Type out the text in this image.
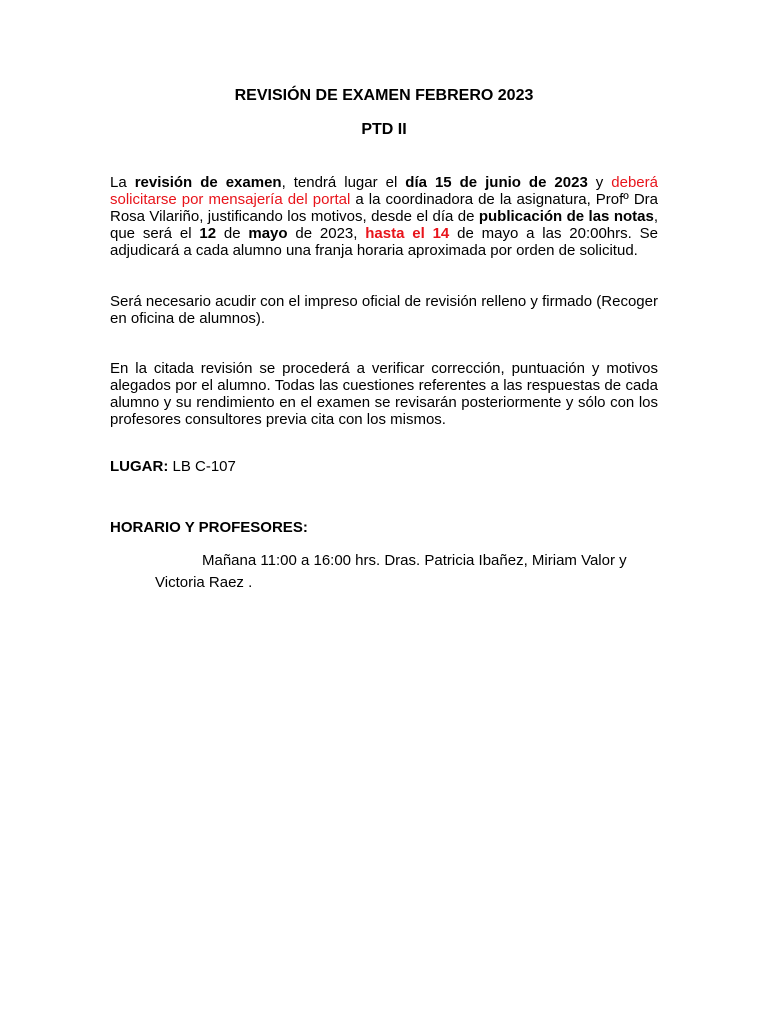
REVISIÓN DE EXAMEN FEBRERO 2023
PTD II

La revisión de examen, tendrá lugar el día 15 de junio de 2023 y deberá solicitarse por mensajería del portal a la coordinadora de la asignatura, Profº Dra Rosa Vilariño, justificando los motivos, desde el día de publicación de las notas, que será el 12 de mayo de 2023, hasta el 14 de mayo a las 20:00hrs. Se adjudicará a cada alumno una franja horaria aproximada por orden de solicitud.

Será necesario acudir con el impreso oficial de revisión relleno y firmado (Recoger en oficina de alumnos).

En la citada revisión se procederá a verificar corrección, puntuación y motivos alegados por el alumno. Todas las cuestiones referentes a las respuestas de cada alumno y su rendimiento en el examen se revisarán posteriormente y sólo con los profesores consultores previa cita con los mismos.

LUGAR: LB C-107

HORARIO Y PROFESORES:

Mañana 11:00 a 16:00 hrs. Dras. Patricia Ibañez, Miriam Valor y

Victoria Raez .
